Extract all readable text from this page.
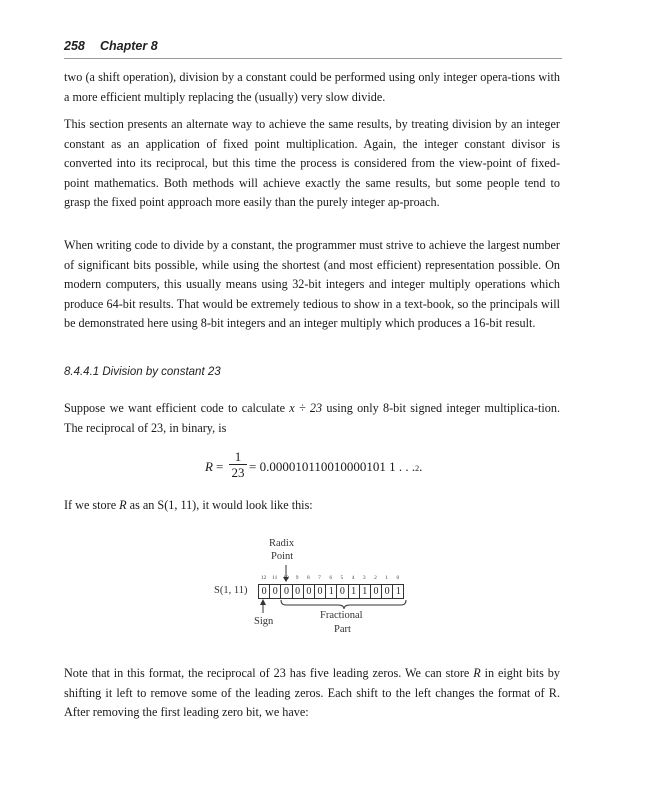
258 Chapter 8
two (a shift operation), division by a constant could be performed using only integer opera-tions with a more efficient multiply replacing the (usually) very slow divide.
This section presents an alternate way to achieve the same results, by treating division by an integer constant as an application of fixed point multiplication. Again, the integer constant divisor is converted into its reciprocal, but this time the process is considered from the view-point of fixed-point mathematics. Both methods will achieve exactly the same results, but some people tend to grasp the fixed point approach more easily than the purely integer ap-proach.
When writing code to divide by a constant, the programmer must strive to achieve the largest number of significant bits possible, while using the shortest (and most efficient) representation possible. On modern computers, this usually means using 32-bit integers and integer multiply operations which produce 64-bit results. That would be extremely tedious to show in a text-book, so the principals will be demonstrated here using 8-bit integers and an integer multiply which produces a 16-bit result.
8.4.4.1 Division by constant 23
Suppose we want efficient code to calculate x ÷ 23 using only 8-bit signed integer multiplica-tion. The reciprocal of 23, in binary, is
R =
1
23 = 0.000010110010000101 1 . . .2.
If we store R as an S(1, 11), it would look like this:
Radix
Point
S(1, 11)
12	11	9	8	7	6	5	4	3	2	1	0
0 0 0 0 0 0 1 0 1 1 0 0 1
Sign
Fractional
Part
Note that in this format, the reciprocal of 23 has five leading zeros. We can store R in eight bits by shifting it left to remove some of the leading zeros. Each shift to the left changes the format of R. After removing the first leading zero bit, we have:
